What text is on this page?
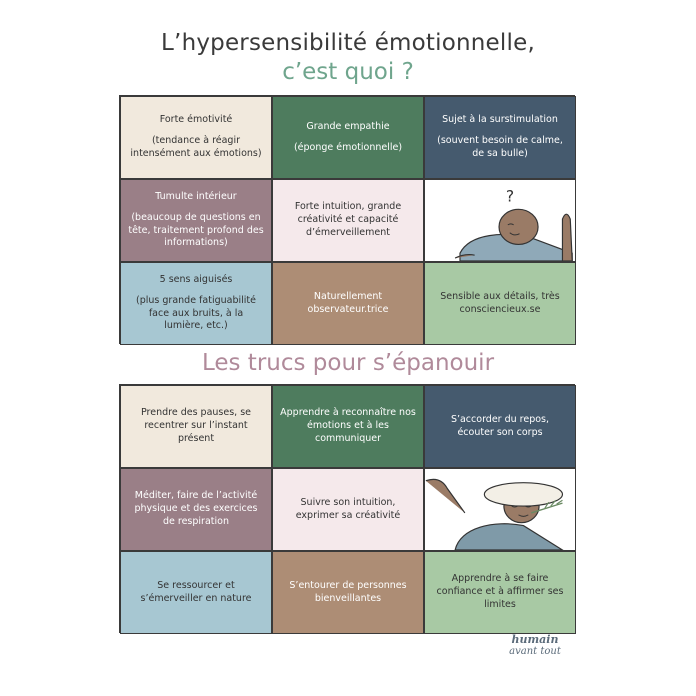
L’hypersensibilité émotionnelle,
c’est quoi ?
Forte émotivité
(tendance à réagir intensément aux émotions)
Grande empathie
(éponge émotionnelle)
Sujet à la surstimulation
(souvent besoin de calme, de sa bulle)
Tumulte intérieur
(beaucoup de questions en tête, traitement profond des informations)
Forte intuition, grande créativité et capacité d’émerveillement
?
5 sens aiguisés
(plus grande fatiguabilité face aux bruits, à la lumière, etc.)
Naturellement observateur.trice
Sensible aux détails, très consciencieux.se
Les trucs pour s’épanouir
Prendre des pauses, se recentrer sur l’instant présent
Apprendre à reconnaître nos émotions et à les communiquer
S’accorder du repos, écouter son corps
Méditer, faire de l’activité physique et des exercices de respiration
Suivre son intuition, exprimer sa créativité
Se ressourcer et s’émerveiller en nature
S’entourer de personnes bienveillantes
Apprendre à se faire confiance et à affirmer ses limites
humain
avant tout
